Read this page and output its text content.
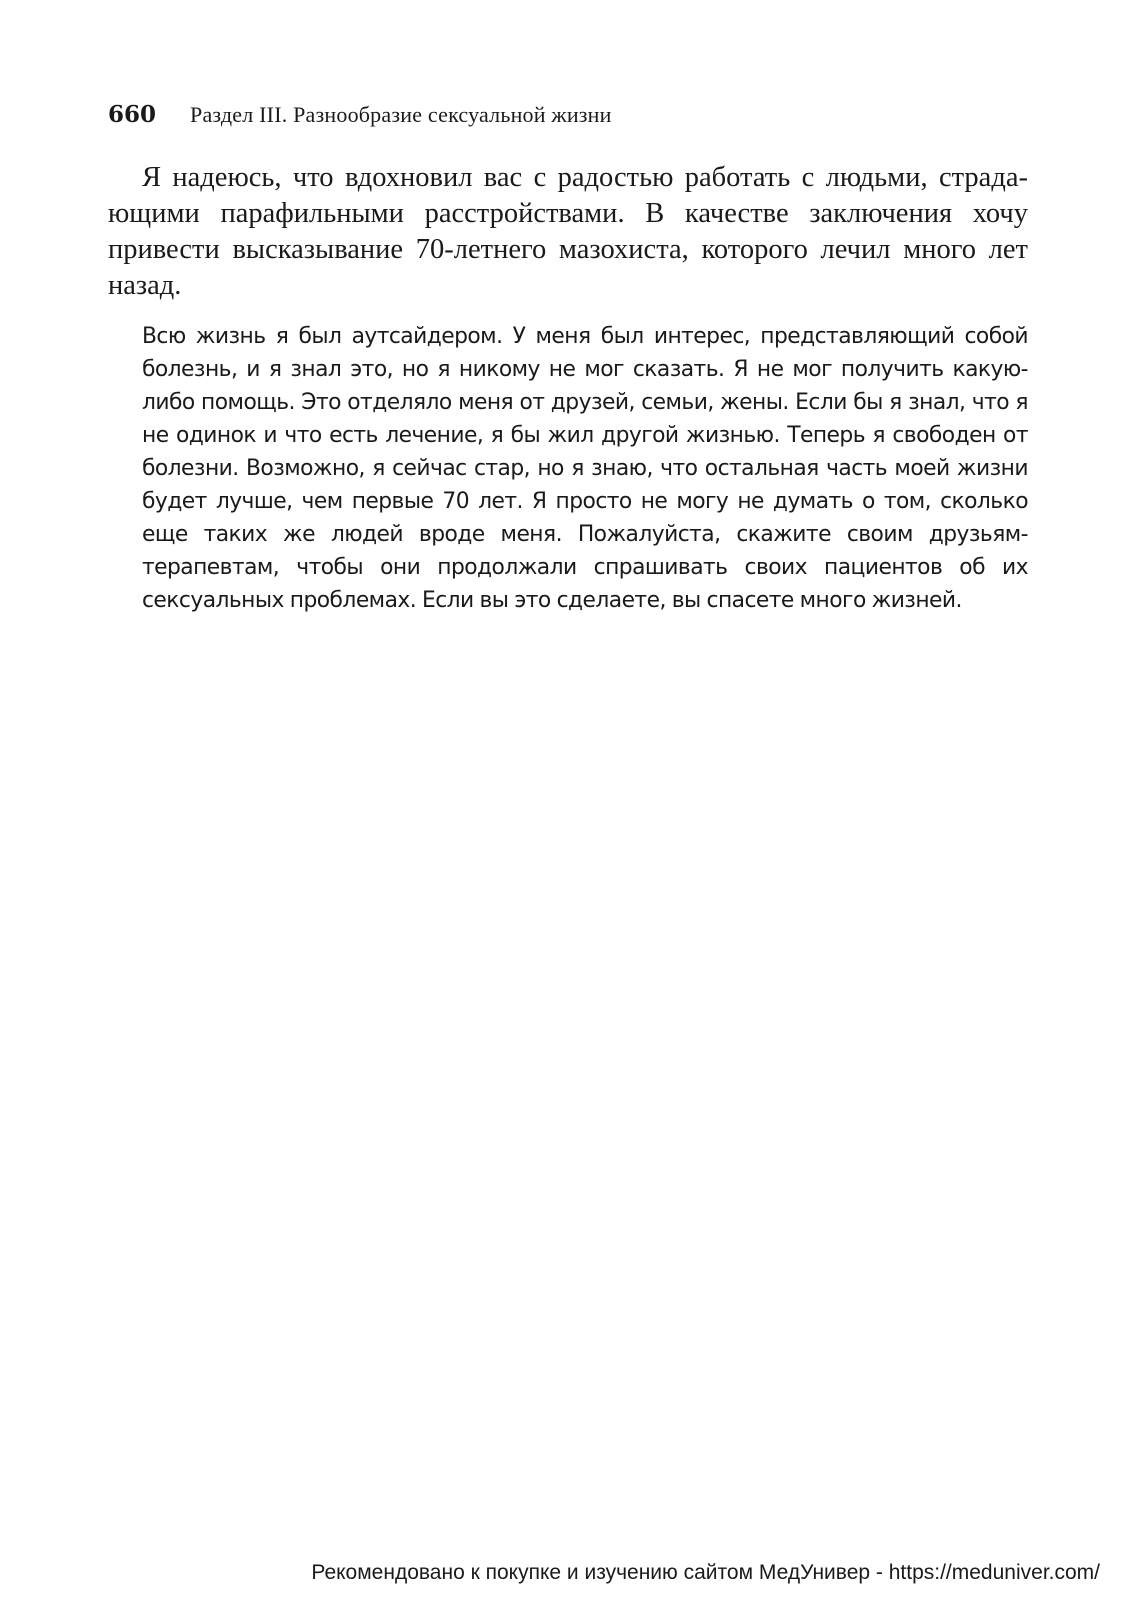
660 Раздел III. Разнообразие сексуальной жизни

Я надеюсь, что вдохновил вас с радостью работать с людьми, страдающими парафильными расстройствами. В качестве заключения хочу привести высказывание 70-летнего мазохиста, которого лечил много лет назад.

Всю жизнь я был аутсайдером. У меня был интерес, представляющий собой болезнь, и я знал это, но я никому не мог сказать. Я не мог получить какую-либо помощь. Это отделяло меня от друзей, семьи, жены. Если бы я знал, что я не одинок и что есть лечение, я бы жил другой жизнью. Теперь я свободен от болезни. Возможно, я сейчас стар, но я знаю, что остальная часть моей жизни будет лучше, чем первые 70 лет. Я просто не могу не думать о том, сколько еще таких же людей вроде меня. Пожалуйста, скажите своим друзьям-терапевтам, чтобы они продолжали спрашивать своих пациентов об их сексуальных проблемах. Если вы это сделаете, вы спасете много жизней.

Рекомендовано к покупке и изучению сайтом МедУнивер - https://meduniver.com/
